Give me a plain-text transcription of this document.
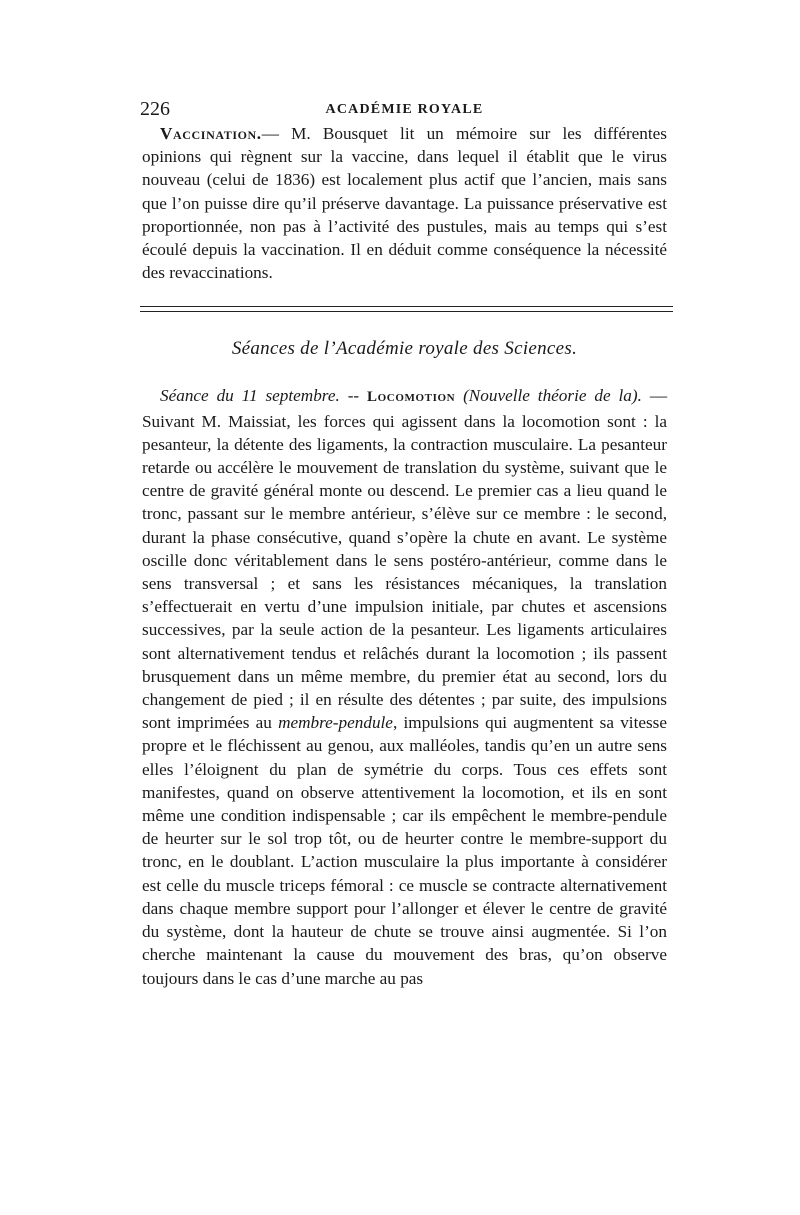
226	ACADÉMIE ROYALE

Vaccination.— M. Bousquet lit un mémoire sur les différentes opinions qui règnent sur la vaccine, dans lequel il établit que le virus nouveau (celui de 1836) est localement plus actif que l’ancien, mais sans que l’on puisse dire qu’il préserve davantage. La puissance préservative est proportionnée, non pas à l’activité des pustules, mais au temps qui s’est écoulé depuis la vaccination. Il en déduit comme conséquence la nécessité des revaccinations.

Séances de l’Académie royale des Sciences.

Séance du 11 septembre. -- Locomotion (Nouvelle théorie de la). — Suivant M. Maissiat, les forces qui agissent dans la locomotion sont : la pesanteur, la détente des ligaments, la contraction musculaire. La pesanteur retarde ou accélère le mouvement de translation du système, suivant que le centre de gravité général monte ou descend. Le premier cas a lieu quand le tronc, passant sur le membre antérieur, s’élève sur ce membre : le second, durant la phase consécutive, quand s’opère la chute en avant. Le système oscille donc véritablement dans le sens postéro-antérieur, comme dans le sens transversal ; et sans les résistances mécaniques, la translation s’effectuerait en vertu d’une impulsion initiale, par chutes et ascensions successives, par la seule action de la pesanteur. Les ligaments articulaires sont alternativement tendus et relâchés durant la locomotion ; ils passent brusquement dans un même membre, du premier état au second, lors du changement de pied ; il en résulte des détentes ; par suite, des impulsions sont imprimées au membre-pendule, impulsions qui augmentent sa vitesse propre et le fléchissent au genou, aux malléoles, tandis qu’en un autre sens elles l’éloignent du plan de symétrie du corps. Tous ces effets sont manifestes, quand on observe attentivement la locomotion, et ils en sont même une condition indispensable ; car ils empêchent le membre-pendule de heurter sur le sol trop tôt, ou de heurter contre le membre-support du tronc, en le doublant. L’action musculaire la plus importante à considérer est celle du muscle triceps fémoral : ce muscle se contracte alternativement dans chaque membre support pour l’allonger et élever le centre de gravité du système, dont la hauteur de chute se trouve ainsi augmentée. Si l’on cherche maintenant la cause du mouvement des bras, qu’on observe toujours dans le cas d’une marche au pas
